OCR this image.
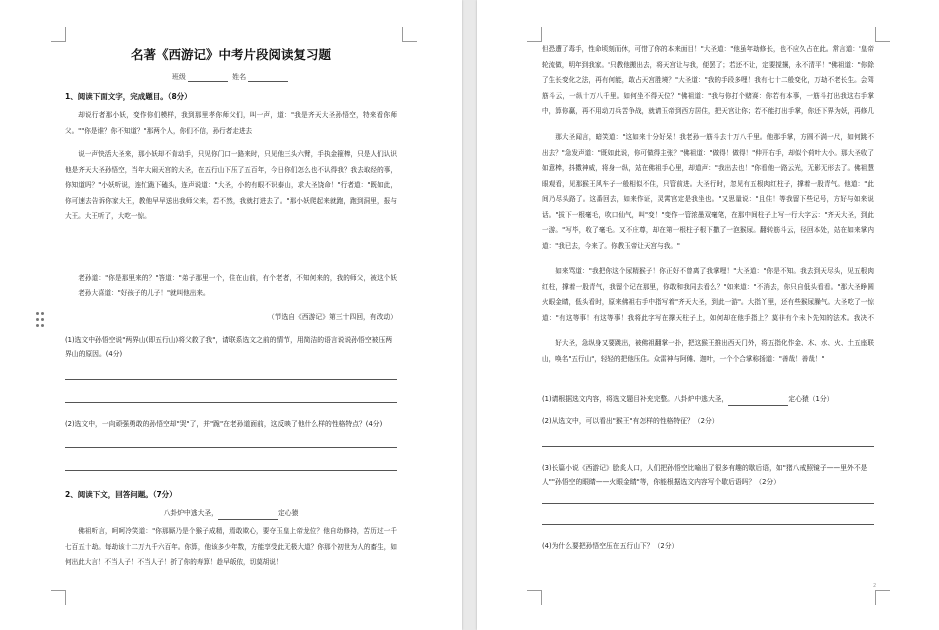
名著《西游记》中考片段阅读复习题
班级	姓名
1、阅读下面文字，完成题目。（8分）

却说行者那小妖，变作你们模样，我到那里孝你师父们，叫一声，道："我是齐天大圣孙悟空，特来看你师父。""你是谁？你不知道？"那两个人，你们不信，孙行者走进去

说一声快活大圣来，那小妖却不肯动手，只见你门口一路来时，只见他三头六臂，手执金箍棒，只是人们认识他是齐天大圣孙悟空，当年大闹天宫的大圣，在五行山下压了五百年，今日你们怎么也不认得我？我去取经的事，你知道吗？"小妖听说，连忙跪下磕头，连声说道："大圣，小的有眼不识泰山，求大圣饶命！"行者道："既如此，你可速去告诉你家大王，教他早早送出我师父来，若不然，我就打进去了。"那小妖爬起来就跑，跑到洞里，报与大王。大王听了，大吃一惊。

老孙道："你是那里来的？"答道："弟子那里一个，住在山前，有个老者，不知何来的，我的师父，被这个妖

老孙大喜道："好孩子的儿子！"就叫他出来。

（节选自《西游记》第三十四回，有改动）

(1)选文中孙悟空说"两界山(即五行山)将父救了我"，请联系选文之前的情节，用简洁的语言说说孙悟空被压两界山的原因。(4分)

(2)选文中，一向顽强勇敢的孙悟空却"哭"了，并"跪"在老孙道面前，这反映了他什么样的性格特点？(4分)

2、阅读下文，回答问题。（7分）

八卦炉中逃大圣，	定心猿

佛祖听言，呵呵冷笑道："你那厮乃是个猴子成精，焉敢欺心，要夺玉皇上帝龙位？他自幼修持，苦历过一千七百五十劫。每劫该十二万九千六百年。你算，他该多少年数，方能享受此无极大道？你那个初世为人的畜生，如何出此大言！不当人子！不当人子！折了你的寿算！趁早皈依，切莫胡说！

但恐遭了毒手，性命顷刻而休，可惜了你的本来面目！"大圣道："他虽年劫修长，也不应久占在此。常言道：'皇帝轮流做，明年到我家。'只教他搬出去，将天宫让与我，便罢了；若还不让，定要搅攘，永不清平！"佛祖道："你除了生长变化之法，再有何能，敢占天宫胜境？"大圣道："我的手段多哩！我有七十二般变化，万劫不老长生。会驾筋斗云，一纵十万八千里。如何坐不得天位？"佛祖道："我与你打个赌赛：你若有本事，一筋斗打出我这右手掌中，算你赢，再不用动刀兵苦争战，就请玉帝到西方居住，把天宫让你；若不能打出手掌，你还下界为妖，再修几

那大圣闻言，暗笑道："这如来十分好呆！我老孙一筋斗去十万八千里。他那手掌，方圆不满一尺，如何跳不出去？"急发声道："既如此说，你可做得主张？"佛祖道："做得！做得！"伸开右手，却似个荷叶大小。那大圣收了如意棒，抖擞神威，将身一纵，站在佛祖手心里，却道声："我出去也！"你看他一路云光，无影无形去了。佛祖慧眼观看，见那猴王风车子一般相似不住，只管前进。大圣行时，忽见有五根肉红柱子，撑着一股青气。他道："此间乃尽头路了。这番回去，如来作证，灵霄宫定是我坐也。"又思量说："且住！等我留下些记号，方好与如来说话。"拔下一根毫毛，吹口仙气，叫"变！"变作一管浓墨双毫笔，在那中间柱子上写一行大字云："齐天大圣，到此一游。"写毕，收了毫毛。又不庄尊，却在第一根柱子根下撒了一泡猴尿。翻转筋斗云，径回本处，站在如来掌内道："我已去，今来了。你教玉帝让天宫与我。"

如来骂道："我把你这个尿精猴子！你正好不曾离了我掌哩！"大圣道："你是不知。我去到天尽头，见五根肉红柱，撑着一股青气，我留个记在那里，你敢和我同去看么？"如来道："不消去，你只自低头看看。"那大圣睁圆火眼金睛，低头看时，原来佛祖右手中指写着"齐天大圣，到此一游"。大指丫里，还有些猴尿臊气。大圣吃了一惊道："有这等事！有这等事！我将此字写在撑天柱子上，如何却在他手指上？莫非有个未卜先知的法术。我决不

好大圣，急纵身又要跳出，被佛祖翻掌一扑，把这猴王推出西天门外，将五指化作金、木、水、火、土五座联山，唤名"五行山"，轻轻的把他压住。众雷神与阿傩、迦叶，一个个合掌称扬道："善哉！善哉！"

(1)请根据选文内容，将选文题目补充完整。八卦炉中逃大圣，	定心猿（1分）

(2)从选文中，可以看出"猴王"有怎样的性格特征？（2分）

(3)长篇小说《西游记》脍炙人口，人们把孙悟空比喻出了很多有趣的歇后语，如"猪八戒照镜子——里外不是人""孙悟空的眼睛——火眼金睛"等，你能根据选文内容写个歇后语吗？（2分）

(4)为什么要把孙悟空压在五行山下？（2分）

2
